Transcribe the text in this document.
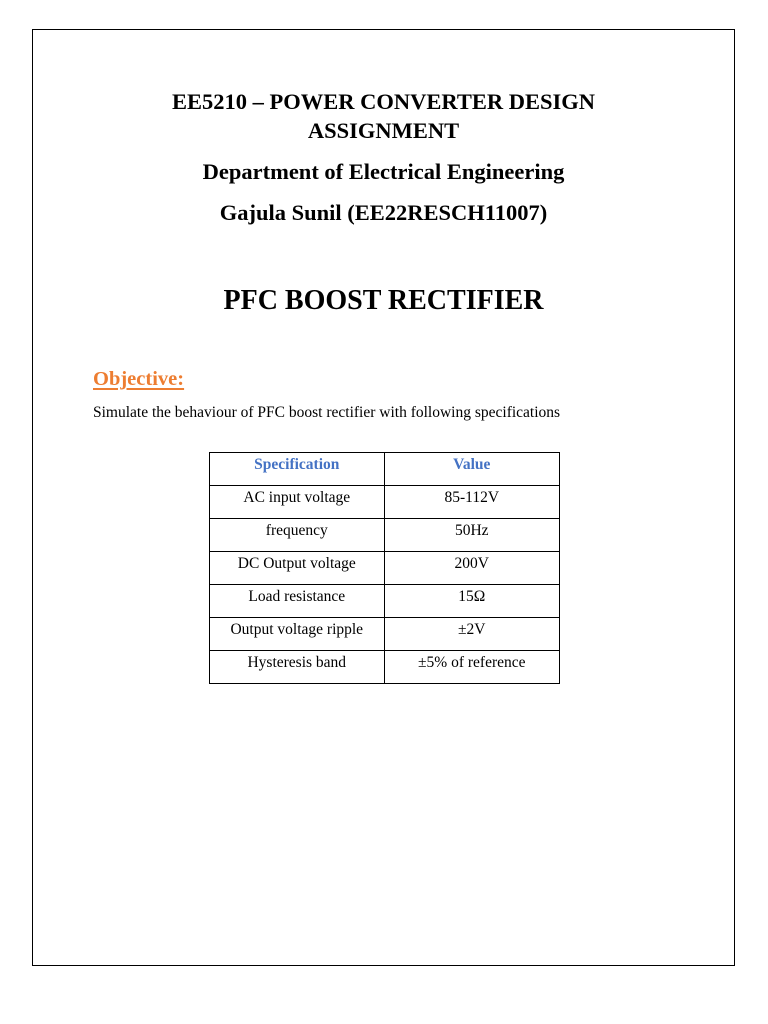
EE5210 – POWER CONVERTER DESIGN
ASSIGNMENT
Department of Electrical Engineering
Gajula Sunil (EE22RESCH11007)
PFC BOOST RECTIFIER
Objective:
Simulate the behaviour of PFC boost rectifier with following specifications
Specification	Value
AC input voltage	85-112V
frequency	50Hz
DC Output voltage	200V
Load resistance	15Ω
Output voltage ripple	±2V
Hysteresis band	±5% of reference
